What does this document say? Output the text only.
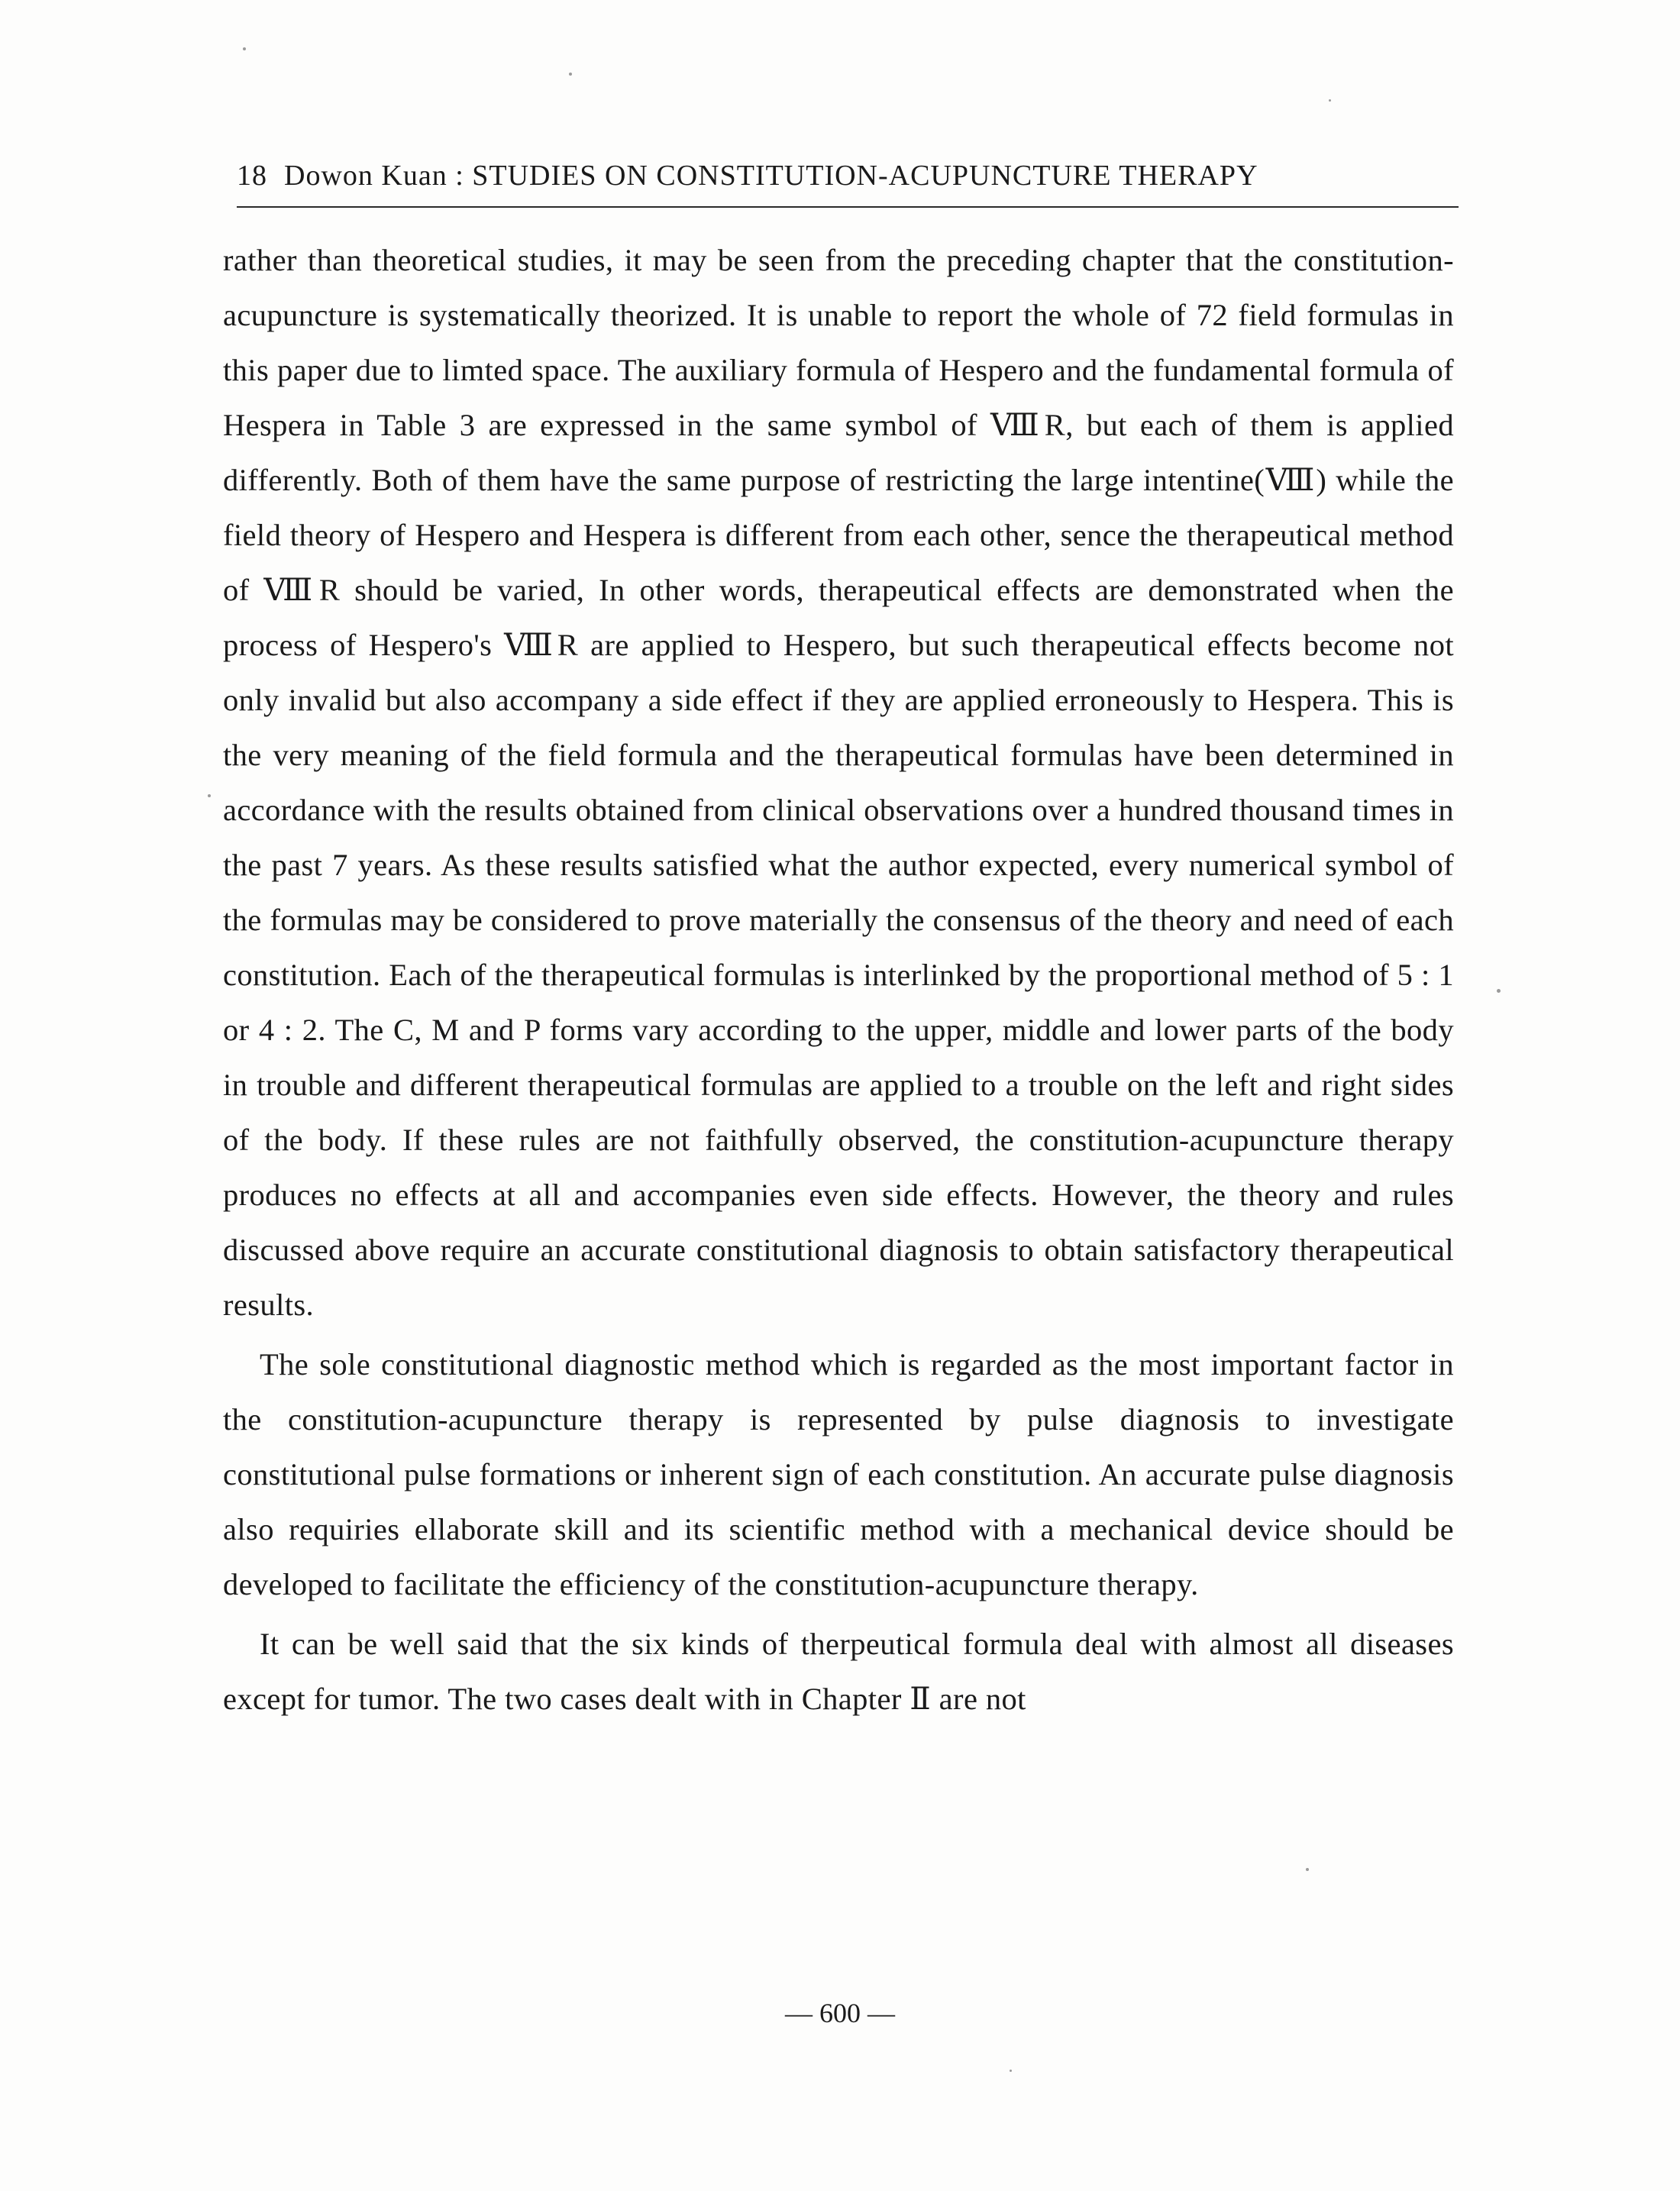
18 Dowon Kuan : STUDIES ON CONSTITUTION-ACUPUNCTURE THERAPY

rather than theoretical studies, it may be seen from the preceding chapter that the constitution-acupuncture is systematically theorized. It is unable to report the whole of 72 field formulas in this paper due to limted space. The auxiliary formula of Hespero and the fundamental formula of Hespera in Table 3 are expressed in the same symbol of ⅧR, but each of them is applied differently. Both of them have the same purpose of restricting the large intentine(Ⅷ) while the field theory of Hespero and Hespera is different from each other, sence the therapeutical method of ⅧR should be varied, In other words, therapeutical effects are demonstrated when the process of Hespero's ⅧR are applied to Hespero, but such therapeutical effects become not only invalid but also accompany a side effect if they are applied erroneously to Hespera. This is the very meaning of the field formula and the therapeutical formulas have been determined in accordance with the results obtained from clinical observations over a hundred thousand times in the past 7 years. As these results satisfied what the author expected, every numerical symbol of the formulas may be considered to prove materially the consensus of the theory and need of each constitution. Each of the therapeutical formulas is interlinked by the proportional method of 5 : 1 or 4 : 2. The C, M and P forms vary according to the upper, middle and lower parts of the body in trouble and different therapeutical formulas are applied to a trouble on the left and right sides of the body. If these rules are not faithfully observed, the constitution-acupuncture therapy produces no effects at all and accompanies even side effects. However, the theory and rules discussed above require an accurate constitutional diagnosis to obtain satisfactory therapeutical results.

The sole constitutional diagnostic method which is regarded as the most important factor in the constitution-acupuncture therapy is represented by pulse diagnosis to investigate constitutional pulse formations or inherent sign of each constitution. An accurate pulse diagnosis also requiries ellaborate skill and its scientific method with a mechanical device should be developed to facilitate the efficiency of the constitution-acupuncture therapy.

It can be well said that the six kinds of therpeutical formula deal with almost all diseases except for tumor. The two cases dealt with in Chapter Ⅱ are not

— 600 —
